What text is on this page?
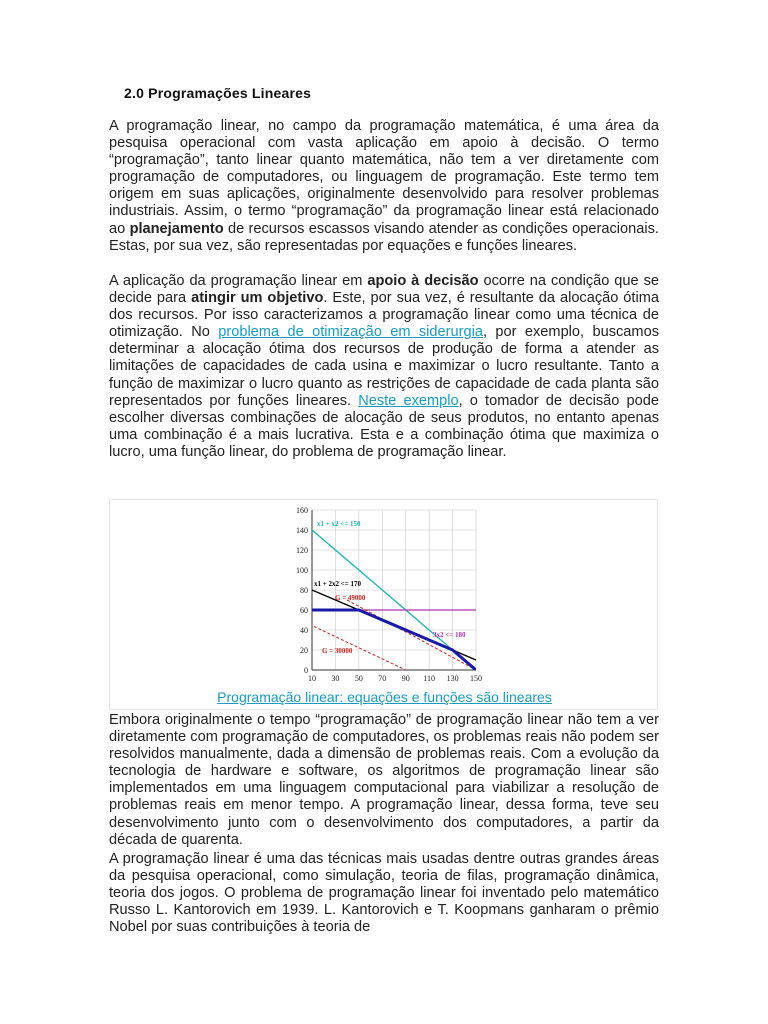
2.0 Programações Lineares

A programação linear, no campo da programação matemática, é uma área da pesquisa operacional com vasta aplicação em apoio à decisão. O termo “programação”, tanto linear quanto matemática, não tem a ver diretamente com programação de computadores, ou linguagem de programação. Este termo tem origem em suas aplicações, originalmente desenvolvido para resolver problemas industriais. Assim, o termo “programação” da programação linear está relacionado ao planejamento de recursos escassos visando atender as condições operacionais. Estas, por sua vez, são representadas por equações e funções lineares.

A aplicação da programação linear em apoio à decisão ocorre na condição que se decide para atingir um objetivo. Este, por sua vez, é resultante da alocação ótima dos recursos. Por isso caracterizamos a programação linear como uma técnica de otimização. No problema de otimização em siderurgia, por exemplo, buscamos determinar a alocação ótima dos recursos de produção de forma a atender as limitações de capacidades de cada usina e maximizar o lucro resultante. Tanto a função de maximizar o lucro quanto as restrições de capacidade de cada planta são representados por funções lineares. Neste exemplo, o tomador de decisão pode escolher diversas combinações de alocação de seus produtos, no entanto apenas uma combinação é a mais lucrativa. Esta e a combinação ótima que maximiza o lucro, uma função linear, do problema de programação linear.

10 30 50 70 90 110 130 150
0
20
40
60
80
100
120
140
160
x1 + x2 <= 150
x1 + 2x2 <= 170
G = 49000
3x2 <= 180
G = 30000
Programação linear: equações e funções são lineares

Embora originalmente o tempo “programação” de programação linear não tem a ver diretamente com programação de computadores, os problemas reais não podem ser resolvidos manualmente, dada a dimensão de problemas reais. Com a evolução da tecnologia de hardware e software, os algoritmos de programação linear são implementados em uma linguagem computacional para viabilizar a resolução de problemas reais em menor tempo. A programação linear, dessa forma, teve seu desenvolvimento junto com o desenvolvimento dos computadores, a partir da década de quarenta.

A programação linear é uma das técnicas mais usadas dentre outras grandes áreas da pesquisa operacional, como simulação, teoria de filas, programação dinâmica, teoria dos jogos. O problema de programação linear foi inventado pelo matemático Russo L. Kantorovich em 1939. L. Kantorovich e T. Koopmans ganharam o prêmio Nobel por suas contribuições à teoria de
